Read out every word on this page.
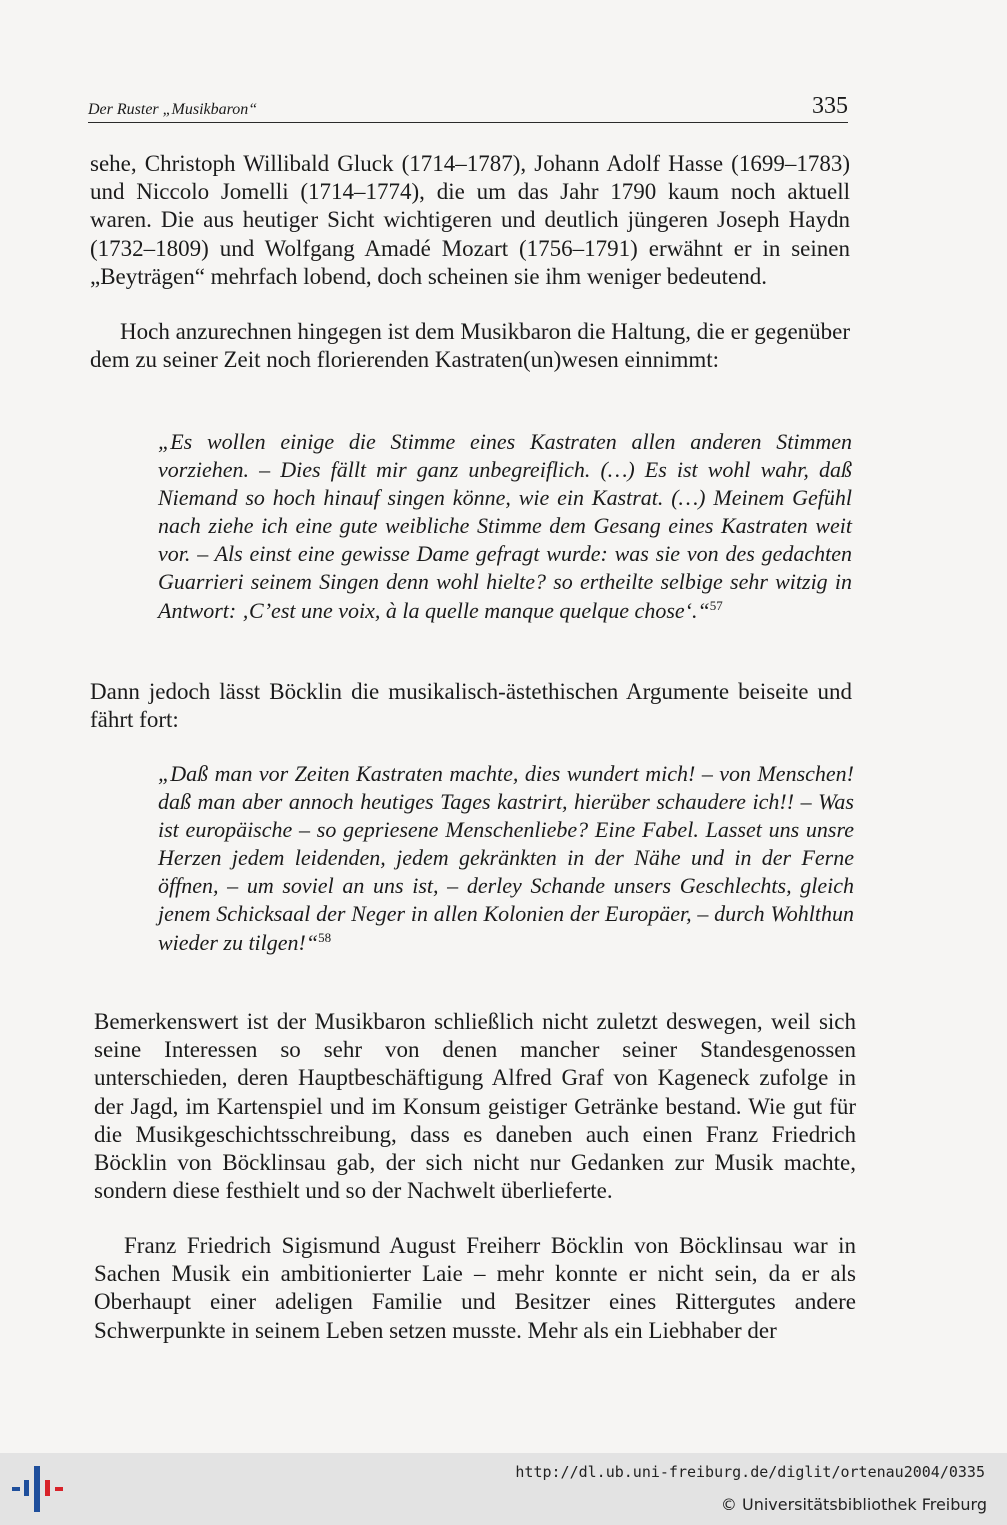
Der Ruster „Musikbaron“	335

sehe, Christoph Willibald Gluck (1714–1787), Johann Adolf Hasse (1699–1783) und Niccolo Jomelli (1714–1774), die um das Jahr 1790 kaum noch aktuell waren. Die aus heutiger Sicht wichtigeren und deutlich jüngeren Joseph Haydn (1732–1809) und Wolfgang Amadé Mozart (1756–1791) erwähnt er in seinen „Beyträgen“ mehrfach lobend, doch scheinen sie ihm weniger bedeutend.

Hoch anzurechnen hingegen ist dem Musikbaron die Haltung, die er gegenüber dem zu seiner Zeit noch florierenden Kastraten(un)wesen einnimmt:

„Es wollen einige die Stimme eines Kastraten allen anderen Stimmen vorziehen. – Dies fällt mir ganz unbegreiflich. (…) Es ist wohl wahr, daß Niemand so hoch hinauf singen könne, wie ein Kastrat. (…) Meinem Gefühl nach ziehe ich eine gute weibliche Stimme dem Gesang eines Kastraten weit vor. – Als einst eine gewisse Dame gefragt wurde: was sie von des gedachten Guarrieri seinem Singen denn wohl hielte? so ertheilte selbige sehr witzig in Antwort: ‚C’est une voix, à la quelle manque quelque chose‘.“$^{57}$

Dann jedoch lässt Böcklin die musikalisch-ästethischen Argumente beiseite und fährt fort:

„Daß man vor Zeiten Kastraten machte, dies wundert mich! – von Menschen! daß man aber annoch heutiges Tages kastrirt, hierüber schaudere ich!! – Was ist europäische – so gepriesene Menschenliebe? Eine Fabel. Lasset uns unsre Herzen jedem leidenden, jedem gekränkten in der Nähe und in der Ferne öffnen, – um soviel an uns ist, – derley Schande unsers Geschlechts, gleich jenem Schicksaal der Neger in allen Kolonien der Europäer, – durch Wohlthun wieder zu tilgen!“$^{58}$

Bemerkenswert ist der Musikbaron schließlich nicht zuletzt deswegen, weil sich seine Interessen so sehr von denen mancher seiner Standesgenossen unterschieden, deren Hauptbeschäftigung Alfred Graf von Kageneck zufolge in der Jagd, im Kartenspiel und im Konsum geistiger Getränke bestand. Wie gut für die Musikgeschichtsschreibung, dass es daneben auch einen Franz Friedrich Böcklin von Böcklinsau gab, der sich nicht nur Gedanken zur Musik machte, sondern diese festhielt und so der Nachwelt überlieferte.

Franz Friedrich Sigismund August Freiherr Böcklin von Böcklinsau war in Sachen Musik ein ambitionierter Laie – mehr konnte er nicht sein, da er als Oberhaupt einer adeligen Familie und Besitzer eines Rittergutes andere Schwerpunkte in seinem Leben setzen musste. Mehr als ein Liebhaber der

http://dl.ub.uni-freiburg.de/diglit/ortenau2004/0335
© Universitätsbibliothek Freiburg
